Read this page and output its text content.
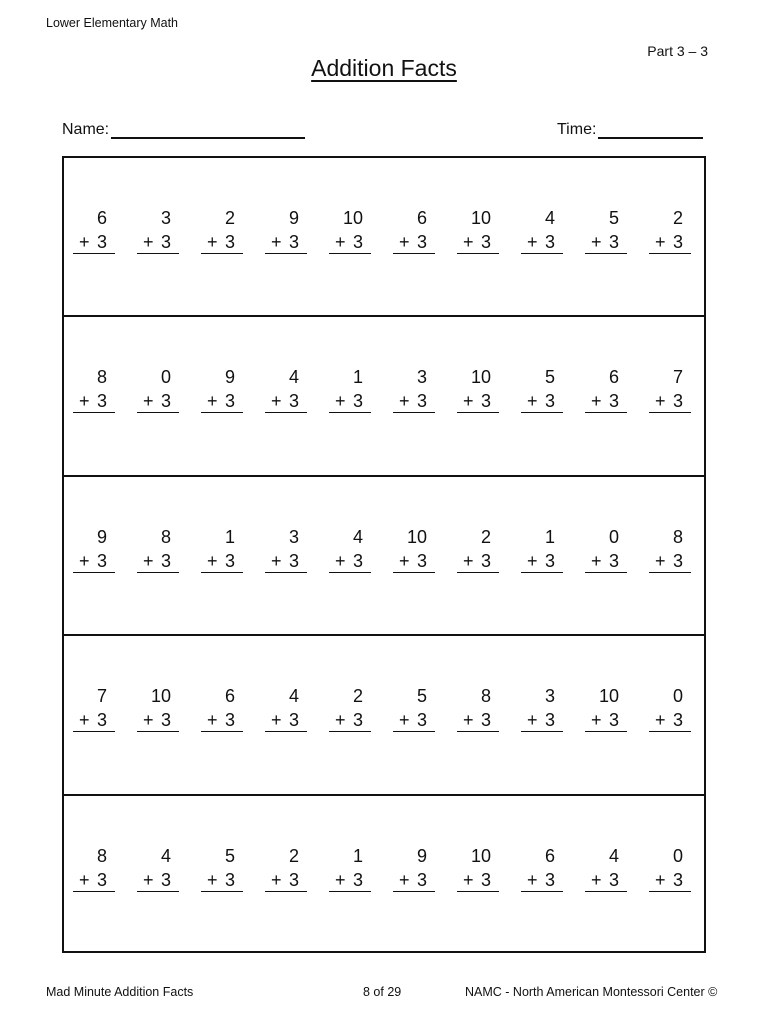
Lower Elementary Math
Part 3 – 3
Addition Facts
Name:	Time:
6
+ 3
3
+ 3
2
+ 3
9
+ 3
10
+ 3
6
+ 3
10
+ 3
4
+ 3
5
+ 3
2
+ 3
8
+ 3
0
+ 3
9
+ 3
4
+ 3
1
+ 3
3
+ 3
10
+ 3
5
+ 3
6
+ 3
7
+ 3
9
+ 3
8
+ 3
1
+ 3
3
+ 3
4
+ 3
10
+ 3
2
+ 3
1
+ 3
0
+ 3
8
+ 3
7
+ 3
10
+ 3
6
+ 3
4
+ 3
2
+ 3
5
+ 3
8
+ 3
3
+ 3
10
+ 3
0
+ 3
8
+ 3
4
+ 3
5
+ 3
2
+ 3
1
+ 3
9
+ 3
10
+ 3
6
+ 3
4
+ 3
0
+ 3
Mad Minute Addition Facts	8 of 29	NAMC - North American Montessori Center ©
